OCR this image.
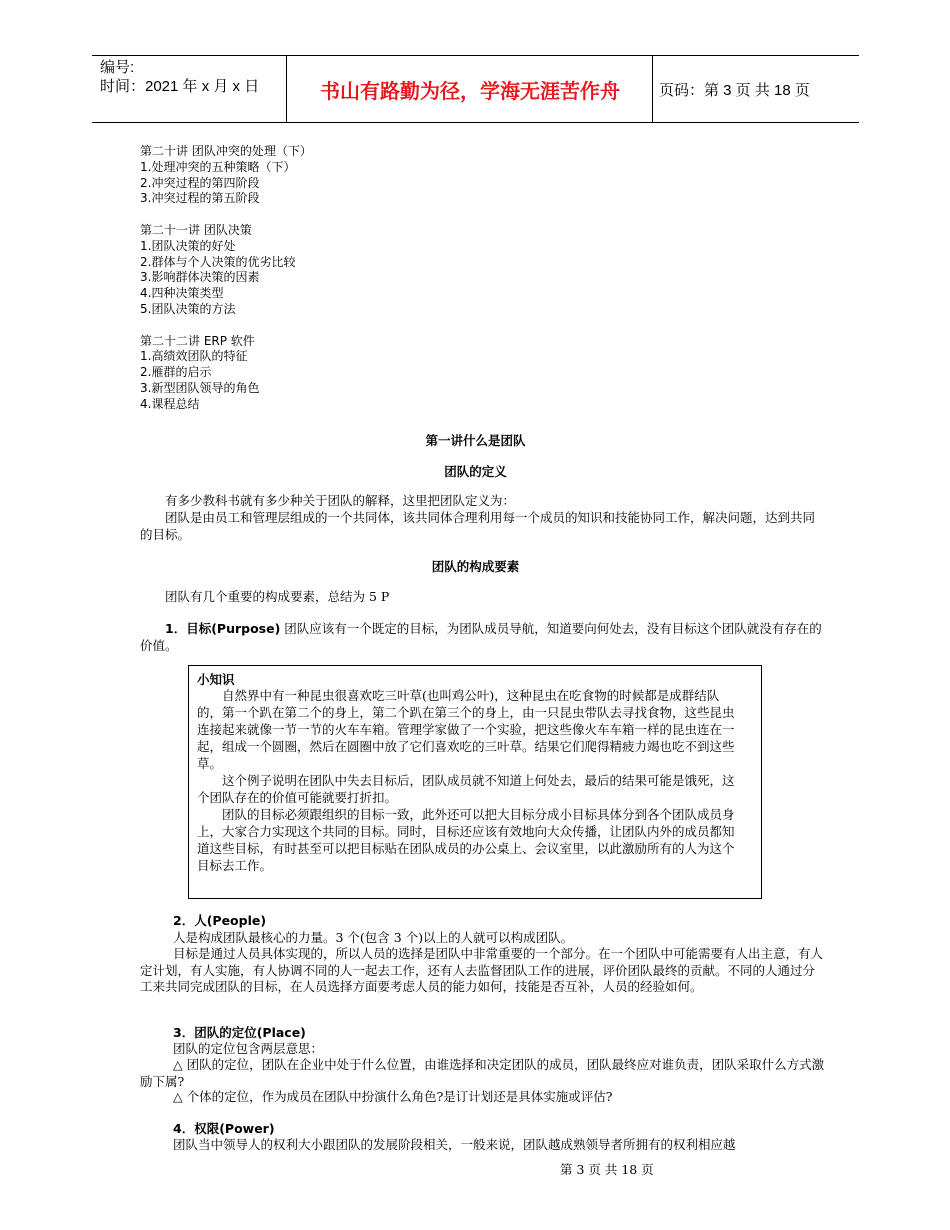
编号:
时间：2021 年 x 月 x 日	书山有路勤为径，学海无涯苦作舟	页码：第 3 页 共 18 页
第二十讲 团队冲突的处理（下）
1.处理冲突的五种策略（下）
2.冲突过程的第四阶段
3.冲突过程的第五阶段
第二十一讲 团队决策
1.团队决策的好处
2.群体与个人决策的优劣比较
3.影响群体决策的因素
4.四种决策类型
5.团队决策的方法
第二十二讲 ERP 软件
1.高绩效团队的特征
2.雁群的启示
3.新型团队领导的角色
4.课程总结
第一讲什么是团队
团队的定义
有多少教科书就有多少种关于团队的解释，这里把团队定义为：
团队是由员工和管理层组成的一个共同体，该共同体合理利用每一个成员的知识和技能协同工作，解决问题，达到共同的目标。
团队的构成要素
团队有几个重要的构成要素，总结为 5 P
1．目标(Purpose) 团队应该有一个既定的目标，为团队成员导航，知道要向何处去，没有目标这个团队就没有存在的价值。
小知识

自然界中有一种昆虫很喜欢吃三叶草(也叫鸡公叶)，这种昆虫在吃食物的时候都是成群结队的，第一个趴在第二个的身上，第二个趴在第三个的身上，由一只昆虫带队去寻找食物，这些昆虫连接起来就像一节一节的火车车箱。管理学家做了一个实验，把这些像火车车箱一样的昆虫连在一起，组成一个圆圈，然后在圆圈中放了它们喜欢吃的三叶草。结果它们爬得精疲力竭也吃不到这些草。

这个例子说明在团队中失去目标后，团队成员就不知道上何处去，最后的结果可能是饿死，这个团队存在的价值可能就要打折扣。

团队的目标必须跟组织的目标一致，此外还可以把大目标分成小目标具体分到各个团队成员身上，大家合力实现这个共同的目标。同时，目标还应该有效地向大众传播，让团队内外的成员都知道这些目标，有时甚至可以把目标贴在团队成员的办公桌上、会议室里，以此激励所有的人为这个目标去工作。

2．人(People)
人是构成团队最核心的力量。3 个(包含 3 个)以上的人就可以构成团队。
目标是通过人员具体实现的，所以人员的选择是团队中非常重要的一个部分。在一个团队中可能需要有人出主意，有人定计划，有人实施，有人协调不同的人一起去工作，还有人去监督团队工作的进展，评价团队最终的贡献。不同的人通过分工来共同完成团队的目标，在人员选择方面要考虑人员的能力如何，技能是否互补，人员的经验如何。
3．团队的定位(Place)
团队的定位包含两层意思：
△ 团队的定位，团队在企业中处于什么位置，由谁选择和决定团队的成员，团队最终应对谁负责，团队采取什么方式激励下属?
△ 个体的定位，作为成员在团队中扮演什么角色?是订计划还是具体实施或评估?
4．权限(Power)
团队当中领导人的权利大小跟团队的发展阶段相关，一般来说，团队越成熟领导者所拥有的权利相应越
第 3 页 共 18 页
